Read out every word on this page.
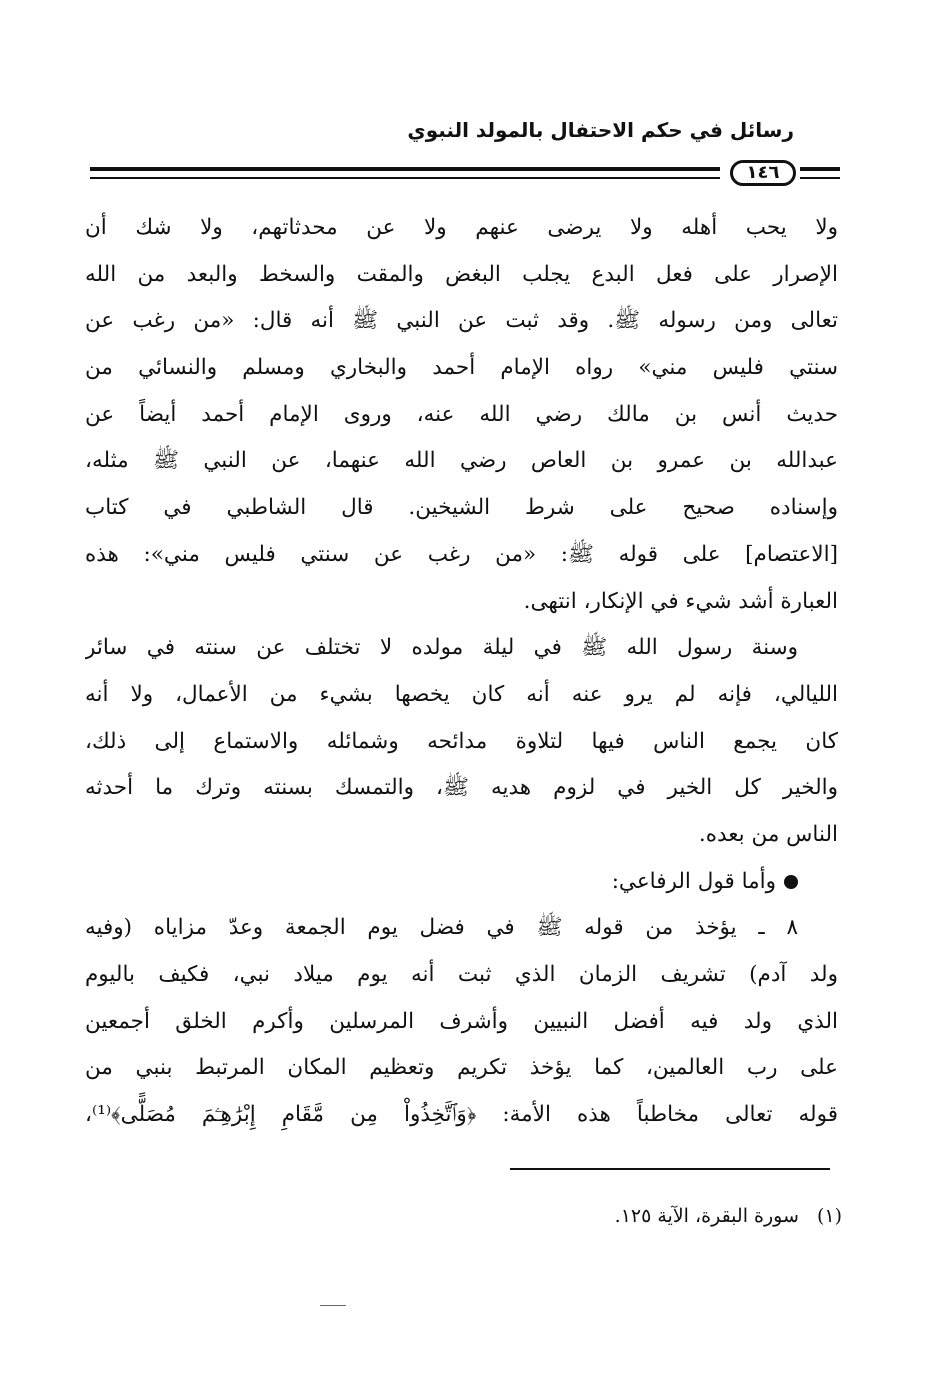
رسائل في حكم الاحتفال بالمولد النبوي
١٤٦
ولا يحب أهله ولا يرضى عنهم ولا عن محدثاتهم، ولا شك أن
الإصرار على فعل البدع يجلب البغض والمقت والسخط والبعد من الله
تعالى ومن رسوله ﷺ. وقد ثبت عن النبي ﷺ أنه قال: «من رغب عن
سنتي فليس مني» رواه الإمام أحمد والبخاري ومسلم والنسائي من
حديث أنس بن مالك رضي الله عنه، وروى الإمام أحمد أيضاً عن
عبدالله بن عمرو بن العاص رضي الله عنهما، عن النبي ﷺ مثله،
وإسناده صحيح على شرط الشيخين. قال الشاطبي في كتاب
[الاعتصام] على قوله ﷺ: «من رغب عن سنتي فليس مني»: هذه
العبارة أشد شيء في الإنكار، انتهى.
وسنة رسول الله ﷺ في ليلة مولده لا تختلف عن سنته في سائر
الليالي، فإنه لم يرو عنه أنه كان يخصها بشيء من الأعمال، ولا أنه
كان يجمع الناس فيها لتلاوة مدائحه وشمائله والاستماع إلى ذلك،
والخير كل الخير في لزوم هديه ﷺ، والتمسك بسنته وترك ما أحدثه
الناس من بعده.
وأما قول الرفاعي:
٨ ـ يؤخذ من قوله ﷺ في فضل يوم الجمعة وعدّ مزاياه (وفيه
ولد آدم) تشريف الزمان الذي ثبت أنه يوم ميلاد نبي، فكيف باليوم
الذي ولد فيه أفضل النبيين وأشرف المرسلين وأكرم الخلق أجمعين
على رب العالمين، كما يؤخذ تكريم وتعظيم المكان المرتبط بنبي من
قوله تعالى مخاطباً هذه الأمة: ﴿وَٱتَّخِذُواْ مِن مَّقَامِ إِبْرَٰهِـۧمَ مُصَلًّى﴾⁽¹⁾،
(١) سورة البقرة، الآية ١٢٥.
